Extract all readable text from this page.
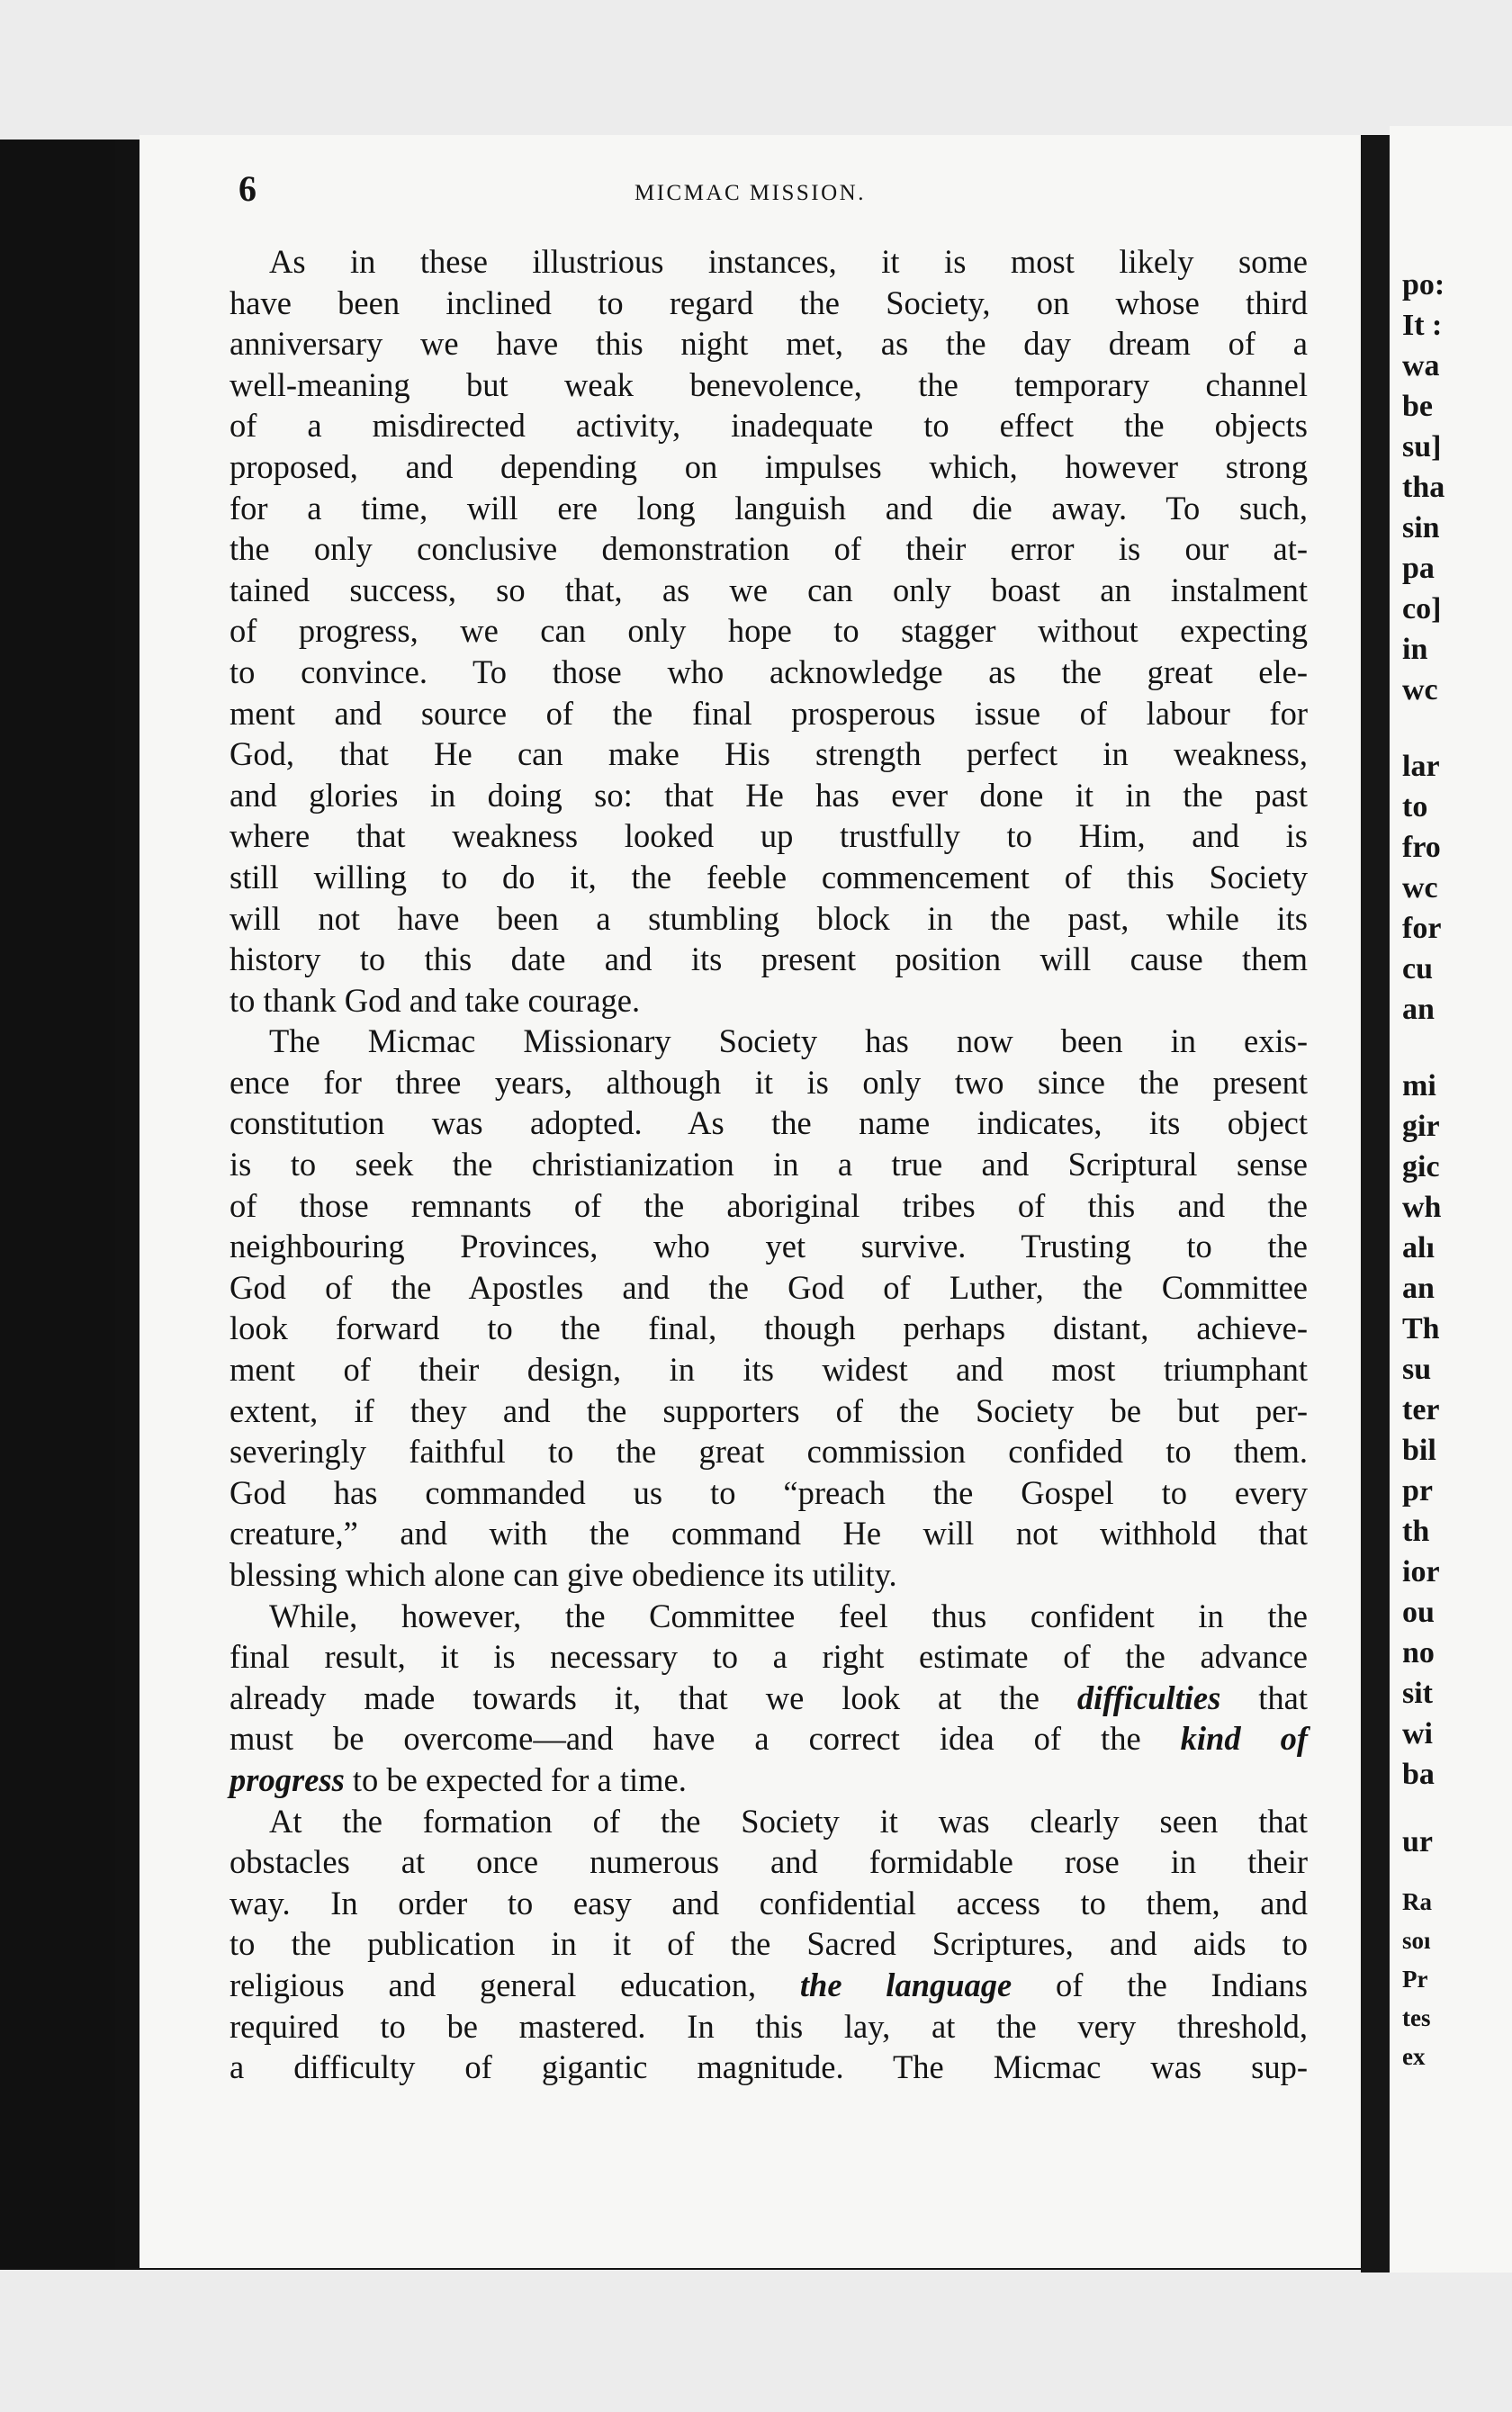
6	MICMAC MISSION.
As in these illustrious instances, it is most likely some
have been inclined to regard the Society, on whose third
anniversary we have this night met, as the day dream of a
well-meaning but weak benevolence, the temporary channel
of a misdirected activity, inadequate to effect the objects
proposed, and depending on impulses which, however strong
for a time, will ere long languish and die away. To such,
the only conclusive demonstration of their error is our at-
tained success, so that, as we can only boast an instalment
of progress, we can only hope to stagger without expecting
to convince. To those who acknowledge as the great ele-
ment and source of the final prosperous issue of labour for
God, that He can make His strength perfect in weakness,
and glories in doing so: that He has ever done it in the past
where that weakness looked up trustfully to Him, and is
still willing to do it, the feeble commencement of this Society
will not have been a stumbling block in the past, while its
history to this date and its present position will cause them
to thank God and take courage.
The Micmac Missionary Society has now been in exis-
ence for three years, although it is only two since the present
constitution was adopted. As the name indicates, its object
is to seek the christianization in a true and Scriptural sense
of those remnants of the aboriginal tribes of this and the
neighbouring Provinces, who yet survive. Trusting to the
God of the Apostles and the God of Luther, the Committee
look forward to the final, though perhaps distant, achieve-
ment of their design, in its widest and most triumphant
extent, if they and the supporters of the Society be but per-
severingly faithful to the great commission confided to them.
God has commanded us to “preach the Gospel to every
creature,” and with the command He will not withhold that
blessing which alone can give obedience its utility.
While, however, the Committee feel thus confident in the
final result, it is necessary to a right estimate of the advance
already made towards it, that we look at the difficulties that
must be overcome—and have a correct idea of the kind of
progress to be expected for a time.
At the formation of the Society it was clearly seen that
obstacles at once numerous and formidable rose in their
way. In order to easy and confidential access to them, and
to the publication in it of the Sacred Scriptures, and aids to
religious and general education, the language of the Indians
required to be mastered. In this lay, at the very threshold,
a difficulty of gigantic magnitude. The Micmac was sup-
po:
It :
wa
be
su]
tha
sin
pa
co]
in
wc
lar
to
fro
wc
for
cu
an
mi
gir
gic
wh
alı
an
Th
su
ter
bil
pr
th
ior
ou
no
sit
wi
ba
ur
Ra
soı
Pr
tes
ex
